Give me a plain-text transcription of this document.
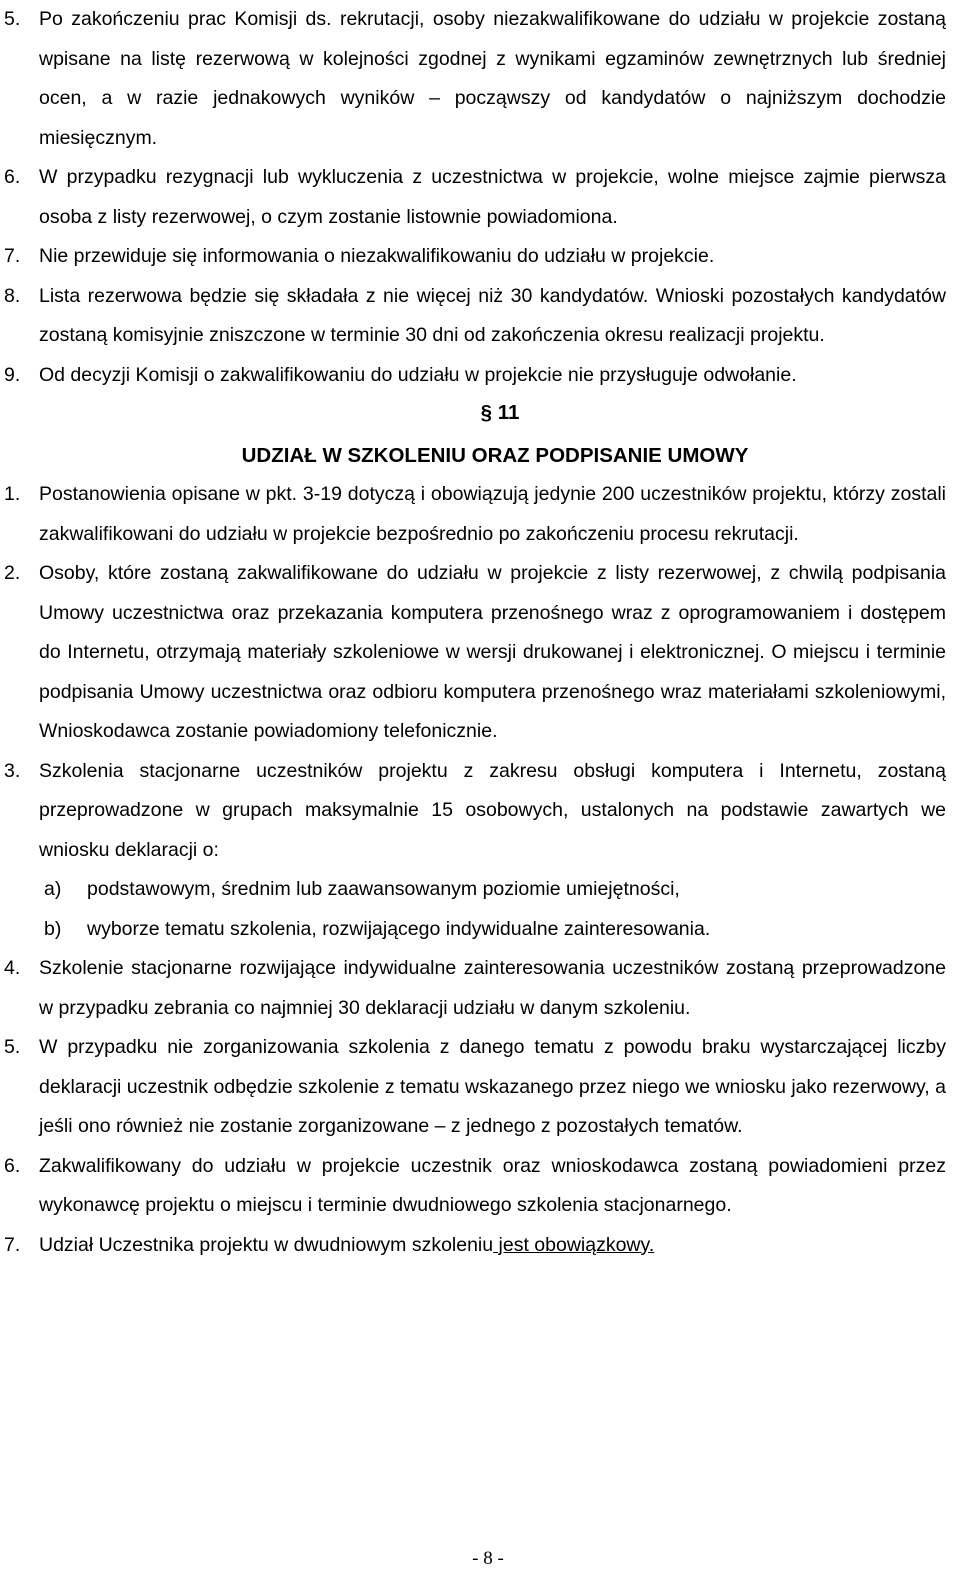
5. Po zakończeniu prac Komisji ds. rekrutacji, osoby niezakwalifikowane do udziału w projekcie zostaną wpisane na listę rezerwową w kolejności zgodnej z wynikami egzaminów zewnętrznych lub średniej ocen, a w razie jednakowych wyników – począwszy od kandydatów o najniższym dochodzie miesięcznym.
6. W przypadku rezygnacji lub wykluczenia z uczestnictwa w projekcie, wolne miejsce zajmie pierwsza osoba z listy rezerwowej, o czym zostanie listownie powiadomiona.
7. Nie przewiduje się informowania o niezakwalifikowaniu do udziału w projekcie.
8. Lista rezerwowa będzie się składała z nie więcej niż 30 kandydatów. Wnioski pozostałych kandydatów zostaną komisyjnie zniszczone w terminie 30 dni od zakończenia okresu realizacji projektu.
9. Od decyzji Komisji o zakwalifikowaniu do udziału w projekcie nie przysługuje odwołanie.
§ 11
UDZIAŁ W SZKOLENIU ORAZ PODPISANIE UMOWY
1. Postanowienia opisane w pkt. 3-19 dotyczą i obowiązują jedynie 200 uczestników projektu, którzy zostali zakwalifikowani do udziału w projekcie bezpośrednio po zakończeniu procesu rekrutacji.
2. Osoby, które zostaną zakwalifikowane do udziału w projekcie z listy rezerwowej, z chwilą podpisania Umowy uczestnictwa oraz przekazania komputera przenośnego wraz z oprogramowaniem i dostępem do Internetu, otrzymają materiały szkoleniowe w wersji drukowanej i elektronicznej. O miejscu i terminie podpisania Umowy uczestnictwa oraz odbioru komputera przenośnego wraz materiałami szkoleniowymi, Wnioskodawca zostanie powiadomiony telefonicznie.
3. Szkolenia stacjonarne uczestników projektu z zakresu obsługi komputera i Internetu, zostaną przeprowadzone w grupach maksymalnie 15 osobowych, ustalonych na podstawie zawartych we wniosku deklaracji o:
a) podstawowym, średnim lub zaawansowanym poziomie umiejętności,
b) wyborze tematu szkolenia, rozwijającego indywidualne zainteresowania.
4. Szkolenie stacjonarne rozwijające indywidualne zainteresowania uczestników zostaną przeprowadzone w przypadku zebrania co najmniej 30 deklaracji udziału w danym szkoleniu.
5. W przypadku nie zorganizowania szkolenia z danego tematu z powodu braku wystarczającej liczby deklaracji uczestnik odbędzie szkolenie z tematu wskazanego przez niego we wniosku jako rezerwowy, a jeśli ono również nie zostanie zorganizowane – z jednego z pozostałych tematów.
6. Zakwalifikowany do udziału w projekcie uczestnik oraz wnioskodawca zostaną powiadomieni przez wykonawcę projektu o miejscu i terminie dwudniowego szkolenia stacjonarnego.
7. Udział Uczestnika projektu w dwudniowym szkoleniu jest obowiązkowy.
- 8 -
